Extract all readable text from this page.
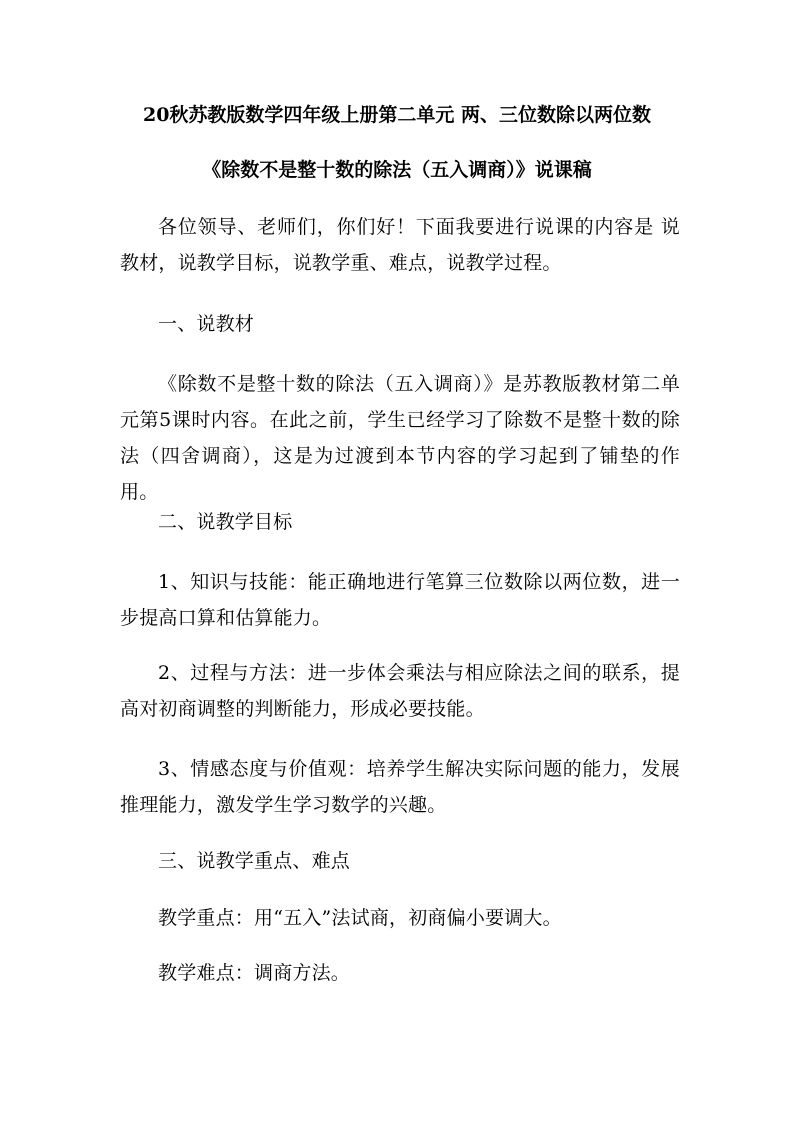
20秋苏教版数学四年级上册第二单元 两、三位数除以两位数
《除数不是整十数的除法（五入调商）》说课稿

各位领导、老师们，你们好！下面我要进行说课的内容是 说教材，说教学目标，说教学重、难点，说教学过程。

一、说教材

《除数不是整十数的除法（五入调商）》是苏教版教材第二单元第5课时内容。在此之前，学生已经学习了除数不是整十数的除法（四舍调商），这是为过渡到本节内容的学习起到了铺垫的作用。

二、说教学目标

1、知识与技能：能正确地进行笔算三位数除以两位数，进一步提高口算和估算能力。

2、过程与方法：进一步体会乘法与相应除法之间的联系，提高对初商调整的判断能力，形成必要技能。

3、情感态度与价值观：培养学生解决实际问题的能力，发展推理能力，激发学生学习数学的兴趣。

三、说教学重点、难点

教学重点：用“五入”法试商，初商偏小要调大。

教学难点：调商方法。
